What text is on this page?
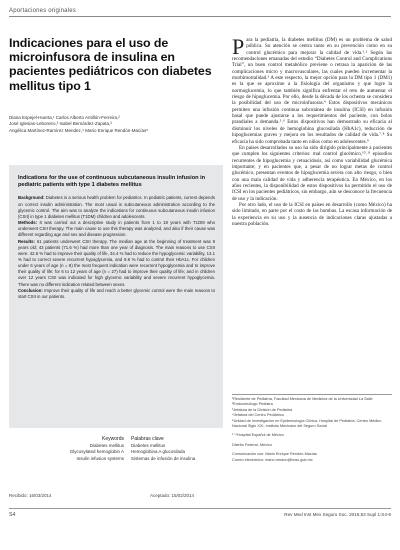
Aportaciones originales
Indicaciones para el uso de microinfusora de insulina en pacientes pediátricos con diabetes mellitus tipo 1
Diana Espejel-Huerta,¹ Carlos Alberto Antillón-Ferreira,²
José Iglesias-Leboreiro,³ Isabel Bernárdez-Zapata,³
Angélica Martínez-Ramírez Mendez,⁴ Mario Enrique Rendón-Macías⁵
Indications for the use of continuous subcutaneous insulin infusion in pediatric patients with type 1 diabetes mellitus

Background: Diabetes is a serious health problem for pediatrics. In pediatric patients, current depends on correct insulin administration. The most usual is subcutaneous administration according to the glycemic control. The aim was to analyze the indications for continuous subcutaneous insulin infusion (CSII) in type 1 diabetes mellitus (T1DM) children and adolescents.

Methods: It was carried out a descriptive study in patients from 1 to 18 years with T1DM who underwent CSII therapy. The main cause to use this therapy was analyzed, and also if their cause was different regarding age and sex and disease progression.

Results: 61 patients underwent CSII therapy. The median age at the beginning of treatment was 9 years old; 43 patients (71.6 %) had more than one year of diagnosis. The main reasons to use CSII were: 42.6 % had to improve their quality of life, 34.4 % had to reduce the hypoglycemic variability, 13.1 % had to correct severe recurrent hypoglycemia, and 9.8 % had to control their HbA1c. For children under 6 years of age (n = 8) the most frequent indication were recurrent hypoglycemia and to improve their quality of life; for 6 to 12 years of age (n = 27) had to improve their quality of life; and in children over 12 years CSII was indicated for high glycemic variability and severe recurrent hypoglycemia. There was no different indication related between sexes.

Conclusion: Improve their quality of life and reach a better glycemic control were the main reasons to start CSII in our patients.

Keywords	Palabras clave
Diabetes mellitus	Diabetes mellitus
Glycosylated hemoglobin A	Hemoglobina A glucosilada
Insulin infusion systems	Sistemas de infusión de insulina
Recibido: 16/03/2014	Aceptado: 15/02/2014

Para la pediatría, la diabetes mellitus (DM) es un problema de salud pública. Su atención se centra tanto en su prevención como en su control glucémico para mejorar la calidad de vida.¹˒² Según las recomendaciones emanadas del estudio “Diabetes Control and Complications Trial”, un buen control metabólico previene o retrasa la aparición de las complicaciones micro y macrovasculares, las cuales pueden incrementar la morbimortalidad.³ A este respecto, la mejor opción para la DM tipo 1 (DM1) es la que se aproxime a la fisiología del organismo y que logre la normoglucemia, lo que también significa enfrentar el reto de aumentar el riesgo de hipoglucemia. Por ello, desde la década de los ochenta se considera la posibilidad del uso de microinfusoras.⁴ Estos dispositivos mecánicos permiten una infusión continua subcutánea de insulina (ICSI) en infusión basal que puede ajustarse a los requerimientos del paciente, con bolos prandiales a demanda.⁵˒⁶ Estos dispositivos han demostrado su eficacia al disminuir los niveles de hemoglobina glucosilada (HbA1c), reducción de hipoglucemias graves y mejora en los resultados de calidad de vida.⁷˒⁸ Su eficacia ha sido comprobada tanto en niños como en adolescentes.⁹

En países desarrollados su uso ha sido dirigido principalmente a pacientes que cumplen los siguientes criterios: mal control glucémico,¹⁰˒¹¹ episodios recurrentes de hipoglucemia y cetoacidosis, así como variabilidad glucémica importante; y en pacientes que, a pesar de no lograr metas de control glucémico, presentan eventos de hipoglucemia severa con alto riesgo, o bien con una mala calidad de vida y adherencia terapéutica. En México, en los años recientes, la disponibilidad de estos dispositivos ha permitido el uso de ICSI en los pacientes pediátricos, sin embargo, aún se desconoce la frecuencia de uso y la indicación.

Por otro lado, el uso de la ICSI en países en desarrollo (como México) ha sido limitado, en parte por el costo de las bombas. La escasa información de la experiencia en su uso y la ausencia de indicaciones claras ajustadas a nuestra población.

¹Residente de Pediatría, Facultad Mexicana de Medicina de la Universidad La Salle
²Endocrinólogo Pediatra
³Jefatura de la División de Pediatría
⁴Jefatura del Centro Pediátrico
⁵Unidad de Investigación en Epidemiología Clínica, Hospital de Pediatría, Centro Médico Nacional Siglo XXI, Instituto Mexicano del Seguro Social
¹⁻⁴Hospital Español de México
Distrito Federal, México
Comunicación con: Mario Enrique Rendón-Macías
Correo electrónico: mario.rendon@imss.gob.mx
S4	Rev Med Inst Mex Seguro Soc. 2015;53 Supl 1:S4-9
